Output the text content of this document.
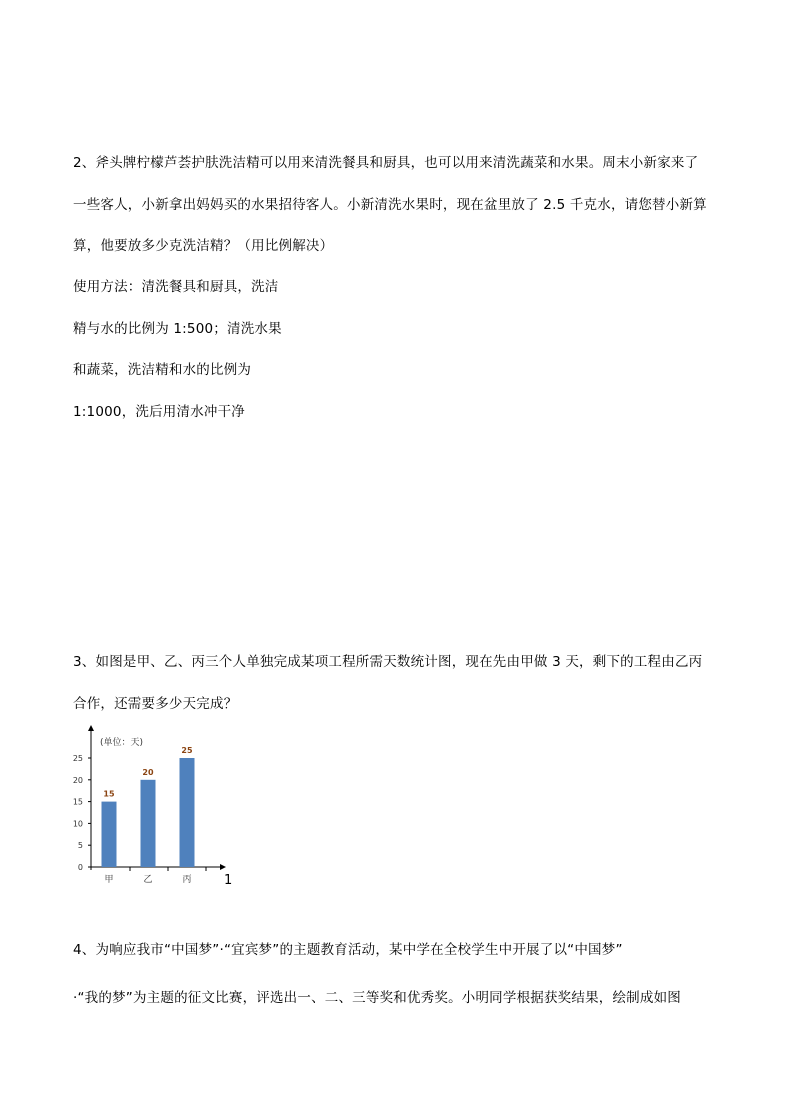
2、斧头牌柠檬芦荟护肤洗洁精可以用来清洗餐具和厨具，也可以用来清洗蔬菜和水果。周末小新家来了
一些客人，小新拿出妈妈买的水果招待客人。小新清洗水果时，现在盆里放了 2.5 千克水，请您替小新算
算，他要放多少克洗洁精？（用比例解决）
使用方法：清洗餐具和厨具，洗洁
精与水的比例为 1:500；清洗水果
和蔬菜，洗洁精和水的比例为
1:1000，洗后用清水冲干净
3、如图是甲、乙、丙三个人单独完成某项工程所需天数统计图，现在先由甲做 3 天，剩下的工程由乙丙
合作，还需要多少天完成？
(单位：天)
0
5
10
15
20
25
15
甲
20
乙
25
丙 1
4、为响应我市“中国梦”·“宜宾梦”的主题教育活动，某中学在全校学生中开展了以“中国梦”
·“我的梦”为主题的征文比赛，评选出一、二、三等奖和优秀奖。小明同学根据获奖结果，绘制成如图
